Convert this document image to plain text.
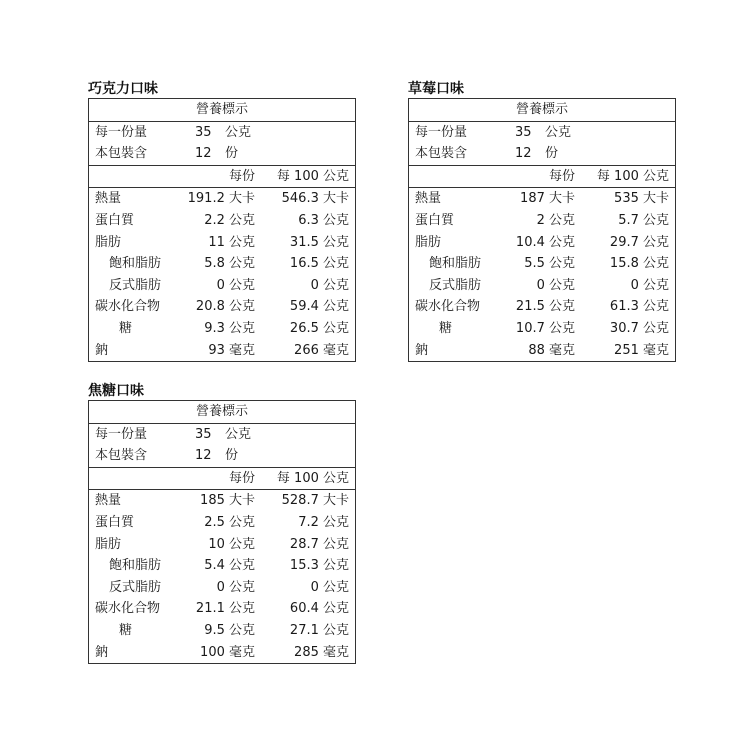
巧克力口味
營養標示
每一份量	35 公克
本包裝含	12 份
每份 每 100 公克
熱量	191.2 大卡 546.3 大卡
蛋白質	2.2 公克	6.3 公克
脂肪	11 公克	31.5 公克
飽和脂肪	5.8 公克	16.5 公克
反式脂肪	0 公克	0 公克
碳水化合物	20.8 公克	59.4 公克
糖	9.3 公克	26.5 公克
鈉	93 毫克	266 毫克
草莓口味
營養標示
每一份量	35 公克
本包裝含	12 份
每份 每 100 公克
熱量	187 大卡	535 大卡
蛋白質	2 公克	5.7 公克
脂肪	10.4 公克	29.7 公克
飽和脂肪	5.5 公克	15.8 公克
反式脂肪	0 公克	0 公克
碳水化合物	21.5 公克	61.3 公克
糖	10.7 公克	30.7 公克
鈉	88 毫克	251 毫克
焦糖口味
營養標示
每一份量	35 公克
本包裝含	12 份
每份 每 100 公克
熱量	185 大卡 528.7 大卡
蛋白質	2.5 公克	7.2 公克
脂肪	10 公克	28.7 公克
飽和脂肪	5.4 公克	15.3 公克
反式脂肪	0 公克	0 公克
碳水化合物	21.1 公克	60.4 公克
糖	9.5 公克	27.1 公克
鈉	100 毫克	285 毫克
